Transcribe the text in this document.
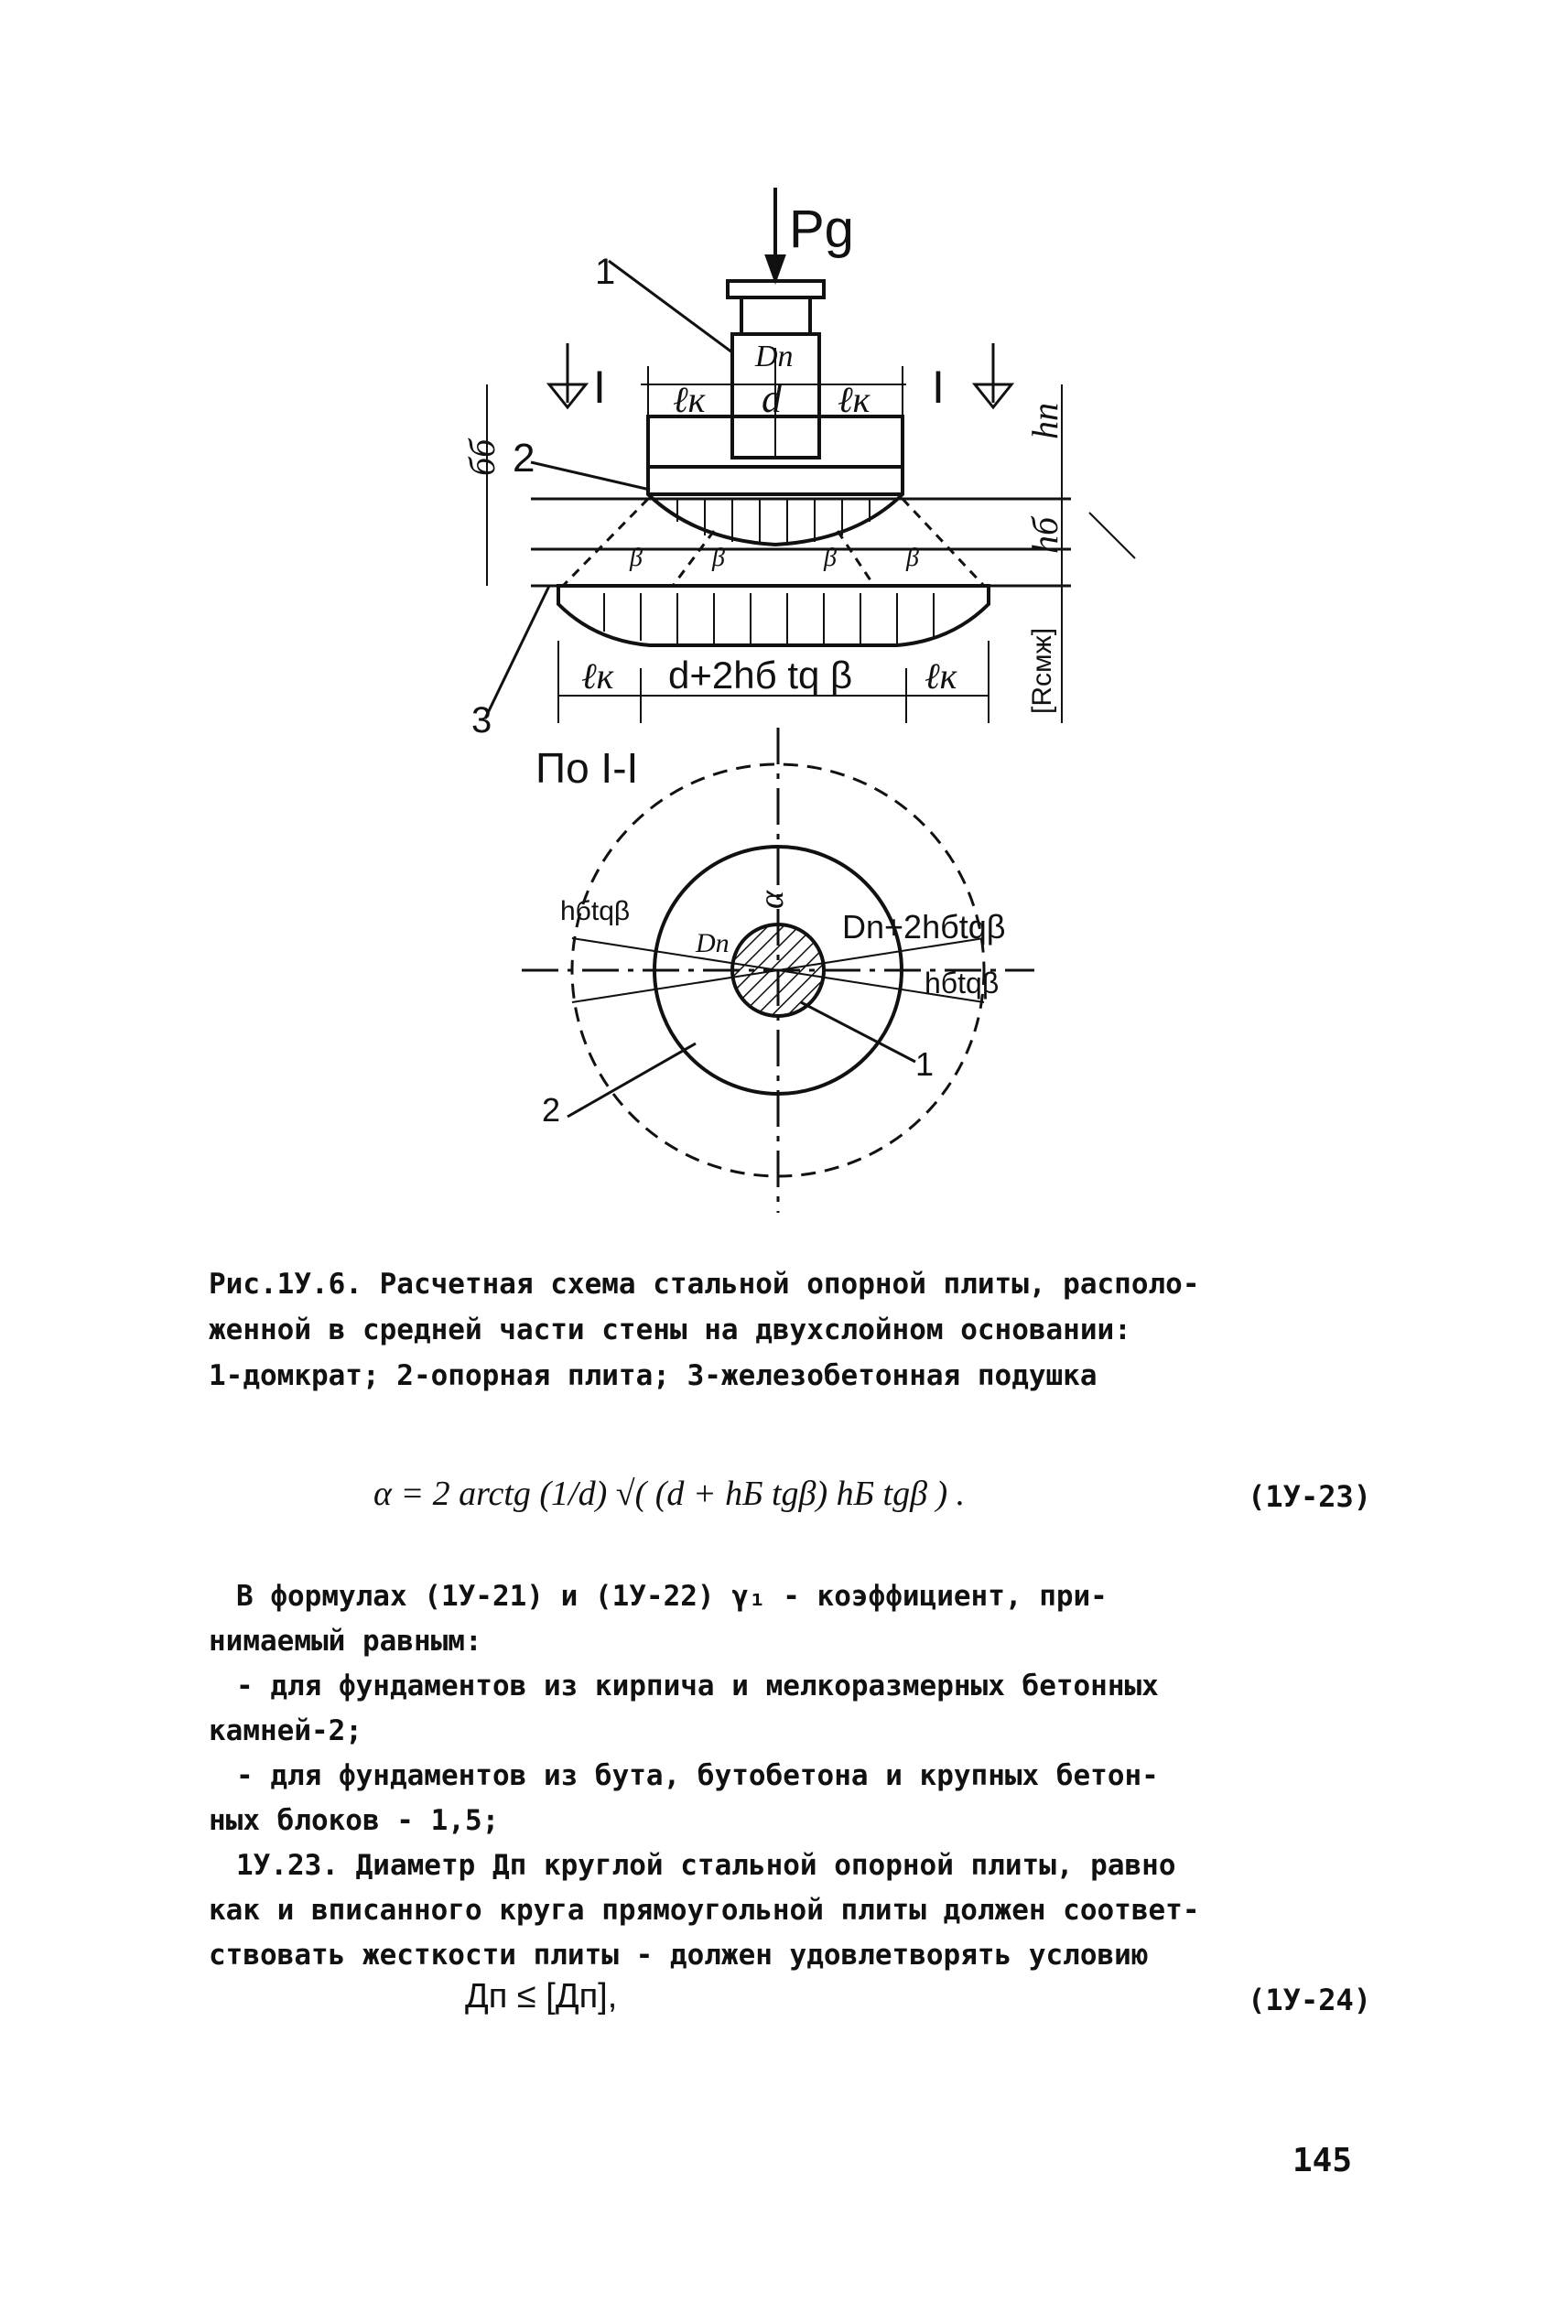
Pg
1
2
3
I	I
Dn
ℓк d ℓк
hn
бб
hб
β	β	β	β
ℓк d+2hб tq β ℓк	[Rсмж]
По I-I
α
hбtqβ
Dn	Dn+2hбtqβ
hбtqβ
1
2
Рис.1У.6. Расчетная схема стальной опорной плиты, располо-
женной в средней части стены на двухслойном основании:
1-домкрат; 2-опорная плита; 3-железобетонная подушка
α = 2 arctg (1/d) √( (d + hБ tgβ) hБ tgβ ) .	(1У-23)

В формулах (1У-21) и (1У-22) γ₁ - коэффициент, при-

нимаемый равным:

- для фундаментов из кирпича и мелкоразмерных бетонных

камней-2;

- для фундаментов из бута, бутобетона и крупных бетон-

ных блоков - 1,5;

1У.23. Диаметр Дп круглой стальной опорной плиты, равно

как и вписанного круга прямоугольной плиты должен соответ-

ствовать жесткости плиты - должен удовлетворять условию

Дп ≤ [Дп],	(1У-24)
145
